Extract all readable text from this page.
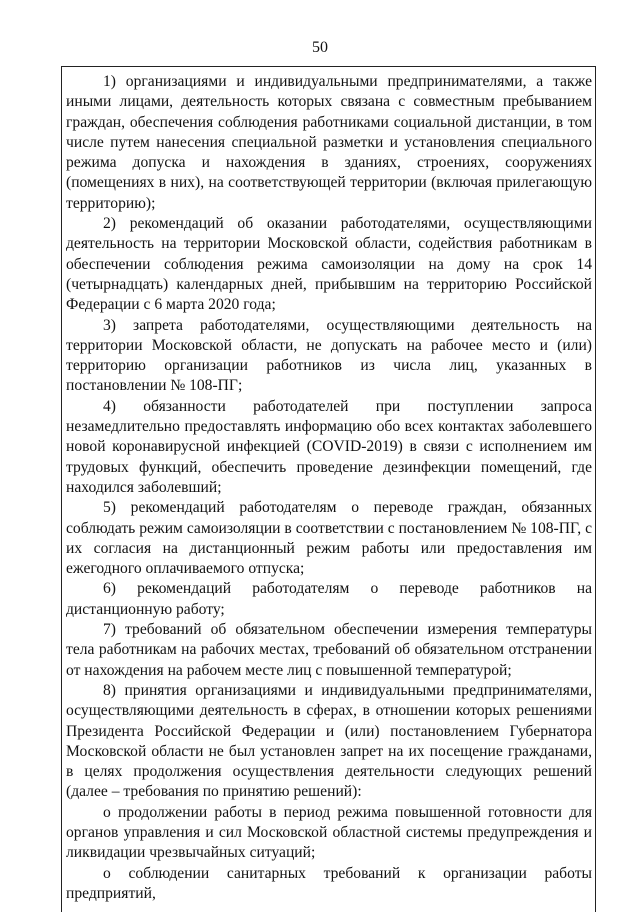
50

1) организациями и индивидуальными предпринимателями, а также иными лицами, деятельность которых связана с совместным пребыванием граждан, обеспечения соблюдения работниками социальной дистанции, в том числе путем нанесения специальной разметки и установления специального режима допуска и нахождения в зданиях, строениях, сооружениях (помещениях в них), на соответствующей территории (включая прилегающую территорию);

2) рекомендаций об оказании работодателями, осуществляющими деятельность на территории Московской области, содействия работникам в обеспечении соблюдения режима самоизоляции на дому на срок 14 (четырнадцать) календарных дней, прибывшим на территорию Российской Федерации с 6 марта 2020 года;

3) запрета работодателями, осуществляющими деятельность на территории Московской области, не допускать на рабочее место и (или) территорию организации работников из числа лиц, указанных в постановлении № 108-ПГ;

4) обязанности работодателей при поступлении запроса незамедлительно предоставлять информацию обо всех контактах заболевшего новой коронавирусной инфекцией (COVID-2019) в связи с исполнением им трудовых функций, обеспечить проведение дезинфекции помещений, где находился заболевший;

5) рекомендаций работодателям о переводе граждан, обязанных соблюдать режим самоизоляции в соответствии с постановлением № 108-ПГ, с их согласия на дистанционный режим работы или предоставления им ежегодного оплачиваемого отпуска;

6) рекомендаций работодателям о переводе работников на дистанционную работу;

7) требований об обязательном обеспечении измерения температуры тела работникам на рабочих местах, требований об обязательном отстранении от нахождения на рабочем месте лиц с повышенной температурой;

8) принятия организациями и индивидуальными предпринимателями, осуществляющими деятельность в сферах, в отношении которых решениями Президента Российской Федерации и (или) постановлением Губернатора Московской области не был установлен запрет на их посещение гражданами, в целях продолжения осуществления деятельности следующих решений (далее – требования по принятию решений):

о продолжении работы в период режима повышенной готовности для органов управления и сил Московской областной системы предупреждения и ликвидации чрезвычайных ситуаций;

о соблюдении санитарных требований к организации работы предприятий,
